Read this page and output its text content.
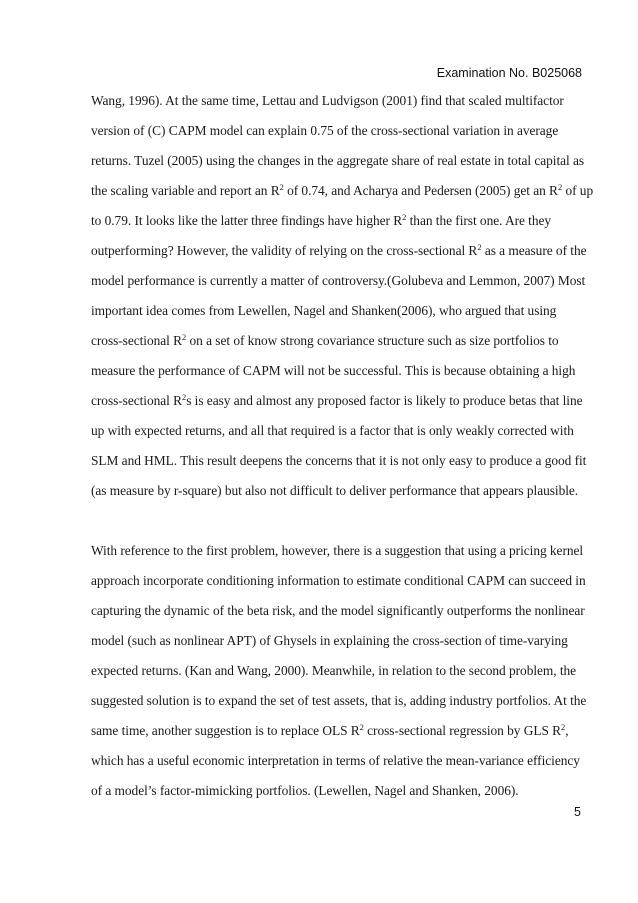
Examination No. B025068
Wang, 1996). At the same time, Lettau and Ludvigson (2001) find that scaled multifactor
version of (C) CAPM model can explain 0.75 of the cross-sectional variation in average
returns. Tuzel (2005) using the changes in the aggregate share of real estate in total capital as
the scaling variable and report an $R^2$ of 0.74, and Acharya and Pedersen (2005) get an $R^2$ of up
to 0.79. It looks like the latter three findings have higher $R^2$ than the first one. Are they
outperforming? However, the validity of relying on the cross-sectional $R^2$ as a measure of the
model performance is currently a matter of controversy.(Golubeva and Lemmon, 2007) Most
important idea comes from Lewellen, Nagel and Shanken(2006), who argued that using
cross-sectional $R^2$ on a set of know strong covariance structure such as size portfolios to
measure the performance of CAPM will not be successful. This is because obtaining a high
cross-sectional $R^2s$ is easy and almost any proposed factor is likely to produce betas that line
up with expected returns, and all that required is a factor that is only weakly corrected with
SLM and HML. This result deepens the concerns that it is not only easy to produce a good fit
(as measure by r-square) but also not difficult to deliver performance that appears plausible.
With reference to the first problem, however, there is a suggestion that using a pricing kernel
approach incorporate conditioning information to estimate conditional CAPM can succeed in
capturing the dynamic of the beta risk, and the model significantly outperforms the nonlinear
model (such as nonlinear APT) of Ghysels in explaining the cross-section of time-varying
expected returns. (Kan and Wang, 2000). Meanwhile, in relation to the second problem, the
suggested solution is to expand the set of test assets, that is, adding industry portfolios. At the
same time, another suggestion is to replace OLS $R^2$ cross-sectional regression by GLS $R^2$,
which has a useful economic interpretation in terms of relative the mean-variance efficiency
of a model’s factor-mimicking portfolios. (Lewellen, Nagel and Shanken, 2006).
5
